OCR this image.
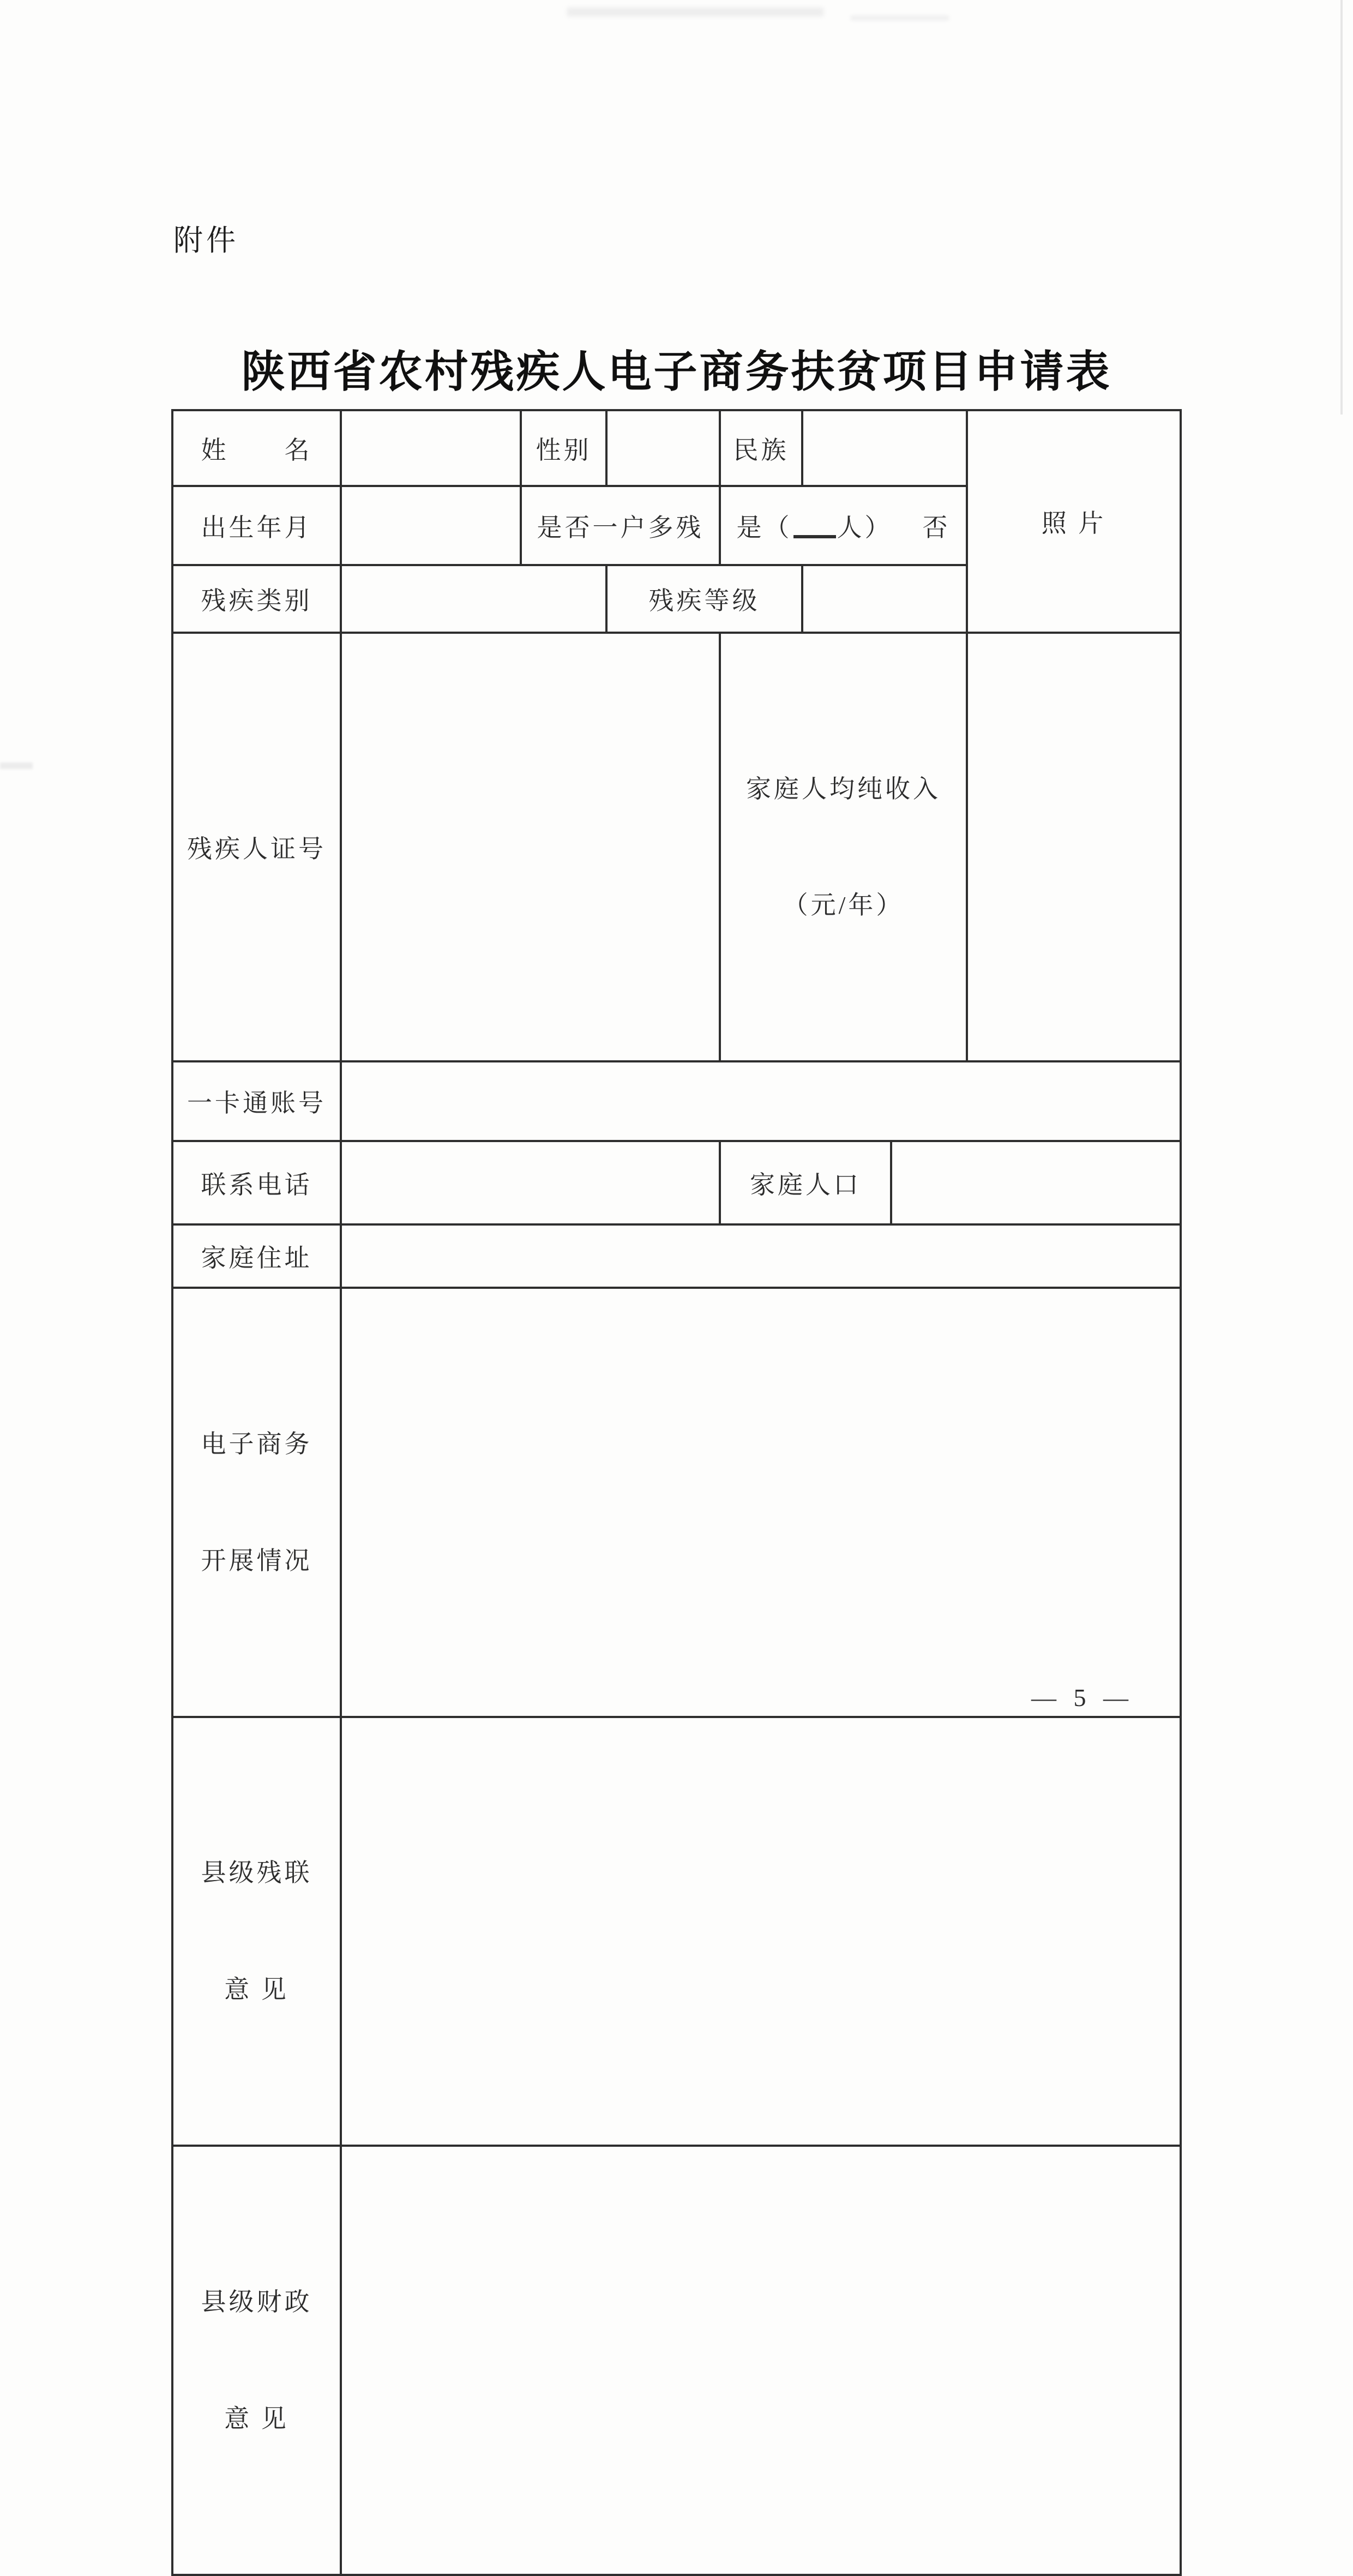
附件
陕西省农村残疾人电子商务扶贫项目申请表
姓　　名		性别		民族			照 片
出生年月		是否一户多残		是（ 人） 否			
残疾类别			残疾等级				
残疾人证号				家庭人均纯收入

（元/年）			

一卡通账号							
联系电话				家庭人口			
家庭住址							

电子商务

开展情况							

县级残联

意 见							

县级财政

意 见							

— 5 —
